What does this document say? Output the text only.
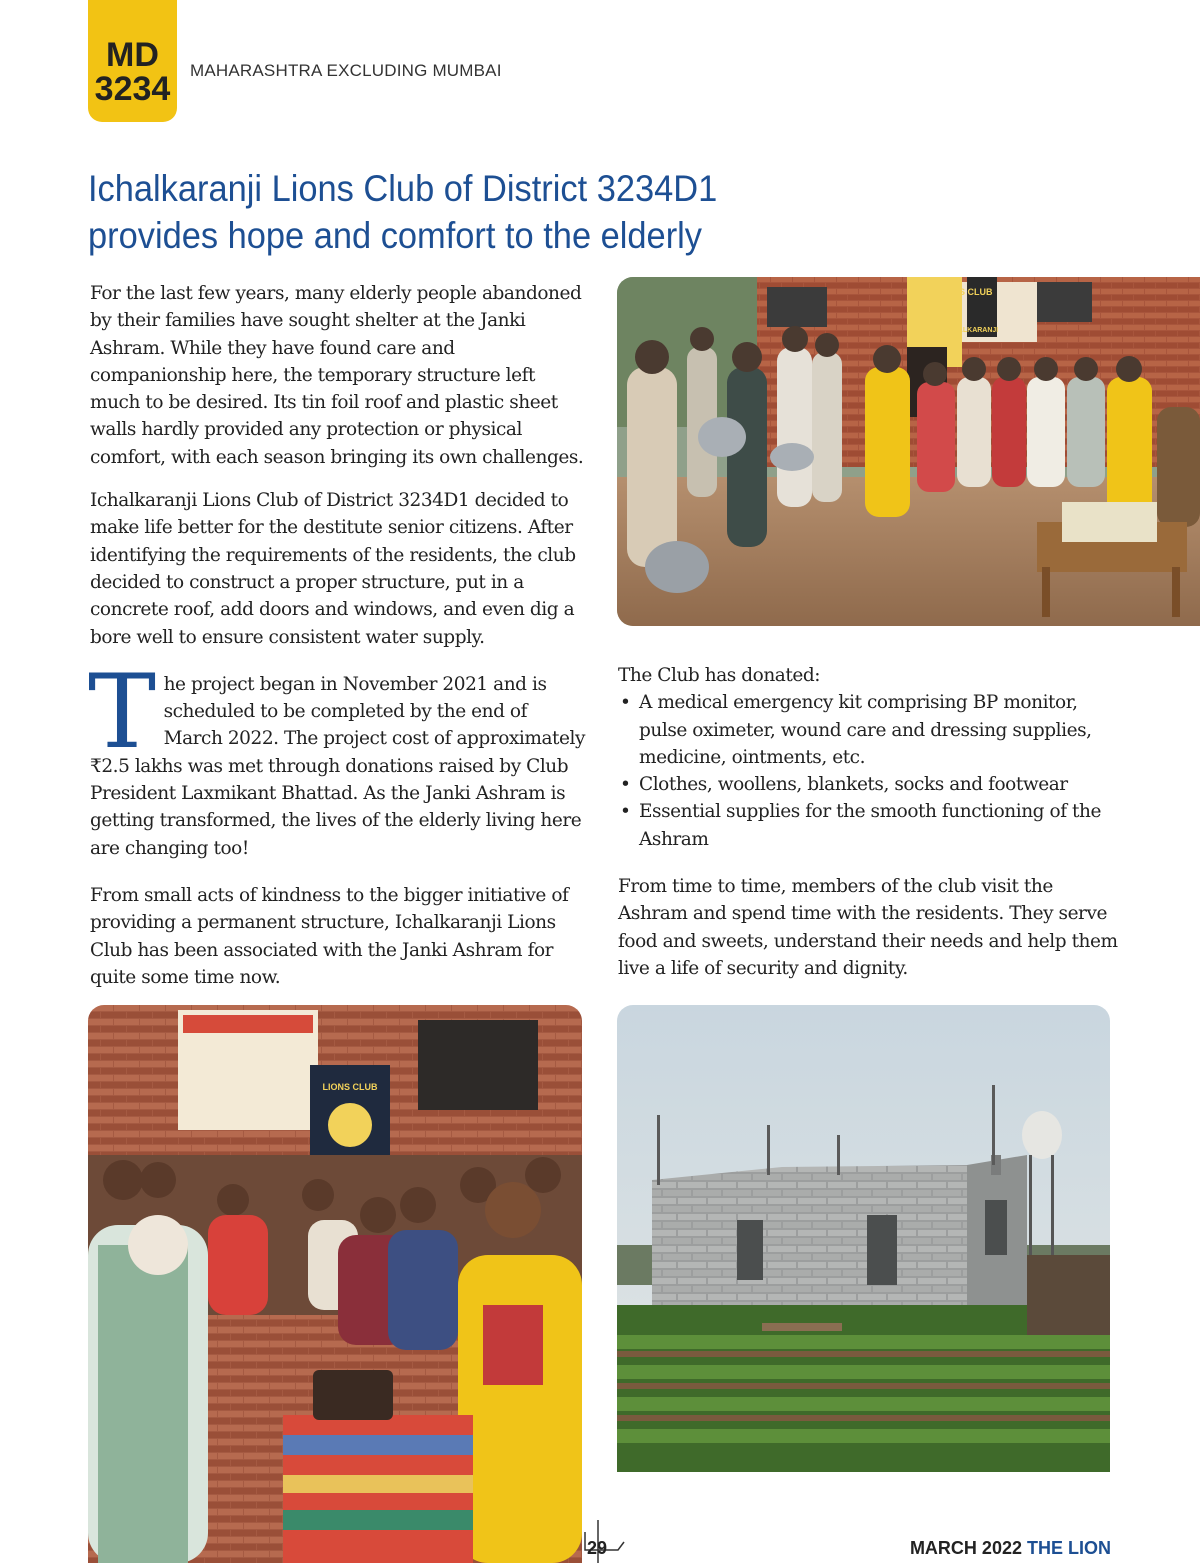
MD
3234	MAHARASHTRA EXCLUDING MUMBAI
Ichalkaranji Lions Club of District 3234D1
provides hope and comfort to the elderly

For the last few years, many elderly people abandoned by their families have sought shelter at the Janki Ashram. While they have found care and companionship here, the temporary structure left much to be desired. Its tin foil roof and plastic sheet walls hardly provided any protection or physical comfort, with each season bringing its own challenges.

Ichalkaranji Lions Club of District 3234D1 decided to make life better for the destitute senior citizens. After identifying the requirements of the residents, the club decided to construct a proper structure, put in a concrete roof, add doors and windows, and even dig a bore well to ensure consistent water supply.

The project began in November 2021 and is scheduled to be completed by the end of March 2022. The project cost of approximately ₹2.5 lakhs was met through donations raised by Club President Laxmikant Bhattad. As the Janki Ashram is getting transformed, the lives of the elderly living here are changing too!

From small acts of kindness to the bigger initiative of providing a permanent structure, Ichalkaranji Lions Club has been associated with the Janki Ashram for quite some time now.

The Club has donated:

• A medical emergency kit comprising BP monitor, pulse oximeter, wound care and dressing supplies, medicine, ointments, etc.
• Clothes, woollens, blankets, socks and footwear
• Essential supplies for the smooth functioning of the Ashram

From time to time, members of the club visit the Ashram and spend time with the residents. They serve food and sweets, understand their needs and help them live a life of security and dignity.

LIONS CLUB
ICHALKARANJI
LIONS CLUB
29	MARCH 2022 THE LION
